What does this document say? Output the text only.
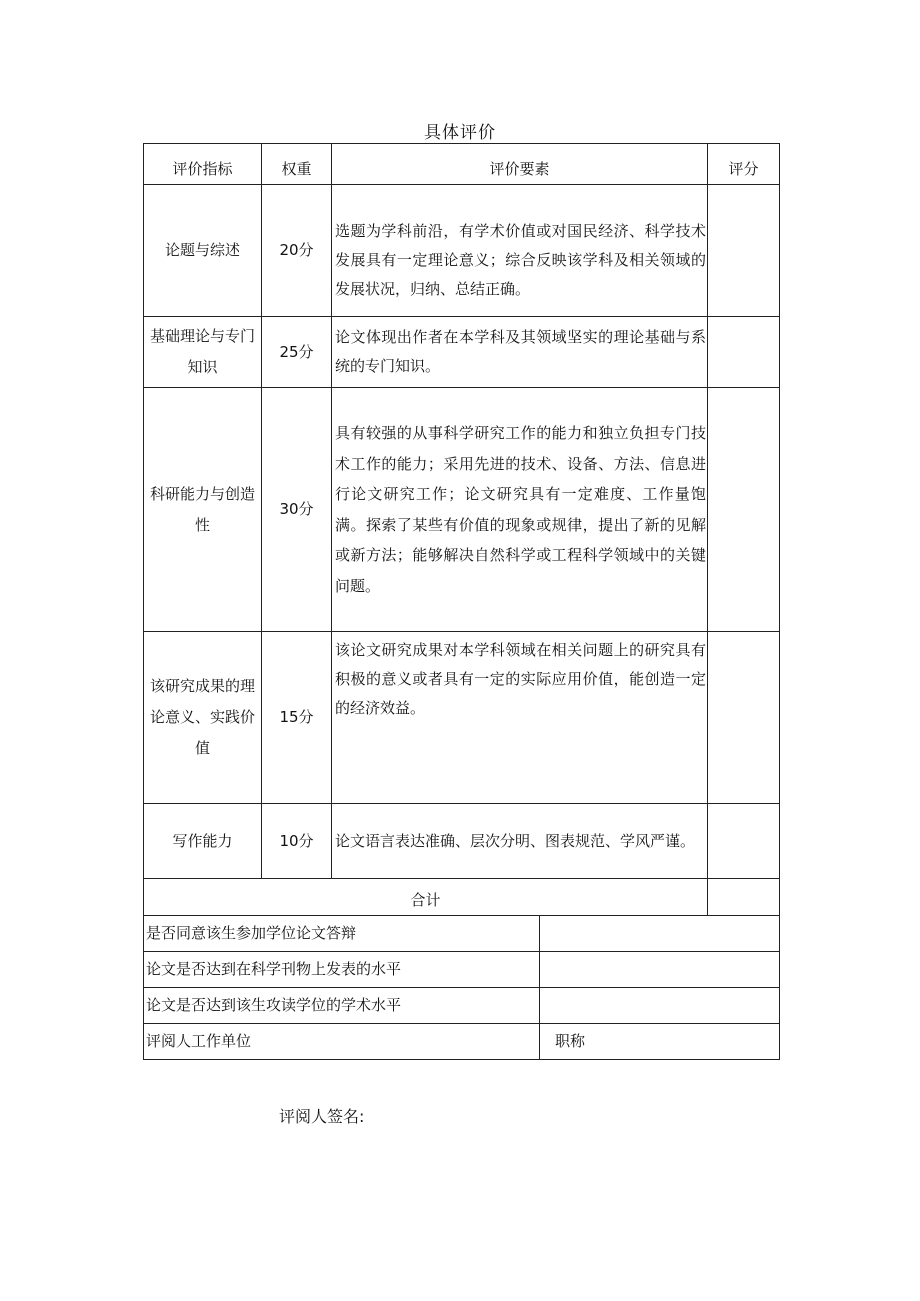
具体评价
评价指标	权重	评价要素	评分
论题与综述	20分	选题为学科前沿，有学术价值或对国民经济、科学技术发展具有一定理论意义；综合反映该学科及相关领域的发展状况，归纳、总结正确。	
基础理论与专门知识	25分	论文体现出作者在本学科及其领域坚实的理论基础与系统的专门知识。	
科研能力与创造性	30分	具有较强的从事科学研究工作的能力和独立负担专门技术工作的能力；采用先进的技术、设备、方法、信息进行论文研究工作；论文研究具有一定难度、工作量饱满。探索了某些有价值的现象或规律，提出了新的见解或新方法；能够解决自然科学或工程科学领域中的关键问题。	
该研究成果的理论意义、实践价值	15分	该论文研究成果对本学科领域在相关问题上的研究具有积极的意义或者具有一定的实际应用价值，能创造一定的经济效益。	
写作能力	10分	论文语言表达准确、层次分明、图表规范、学风严谨。	
合计			
是否同意该生参加学位论文答辩	
论文是否达到在科学刊物上发表的水平	
论文是否达到该生攻读学位的学术水平	
评阅人工作单位	职称
评阅人签名:
